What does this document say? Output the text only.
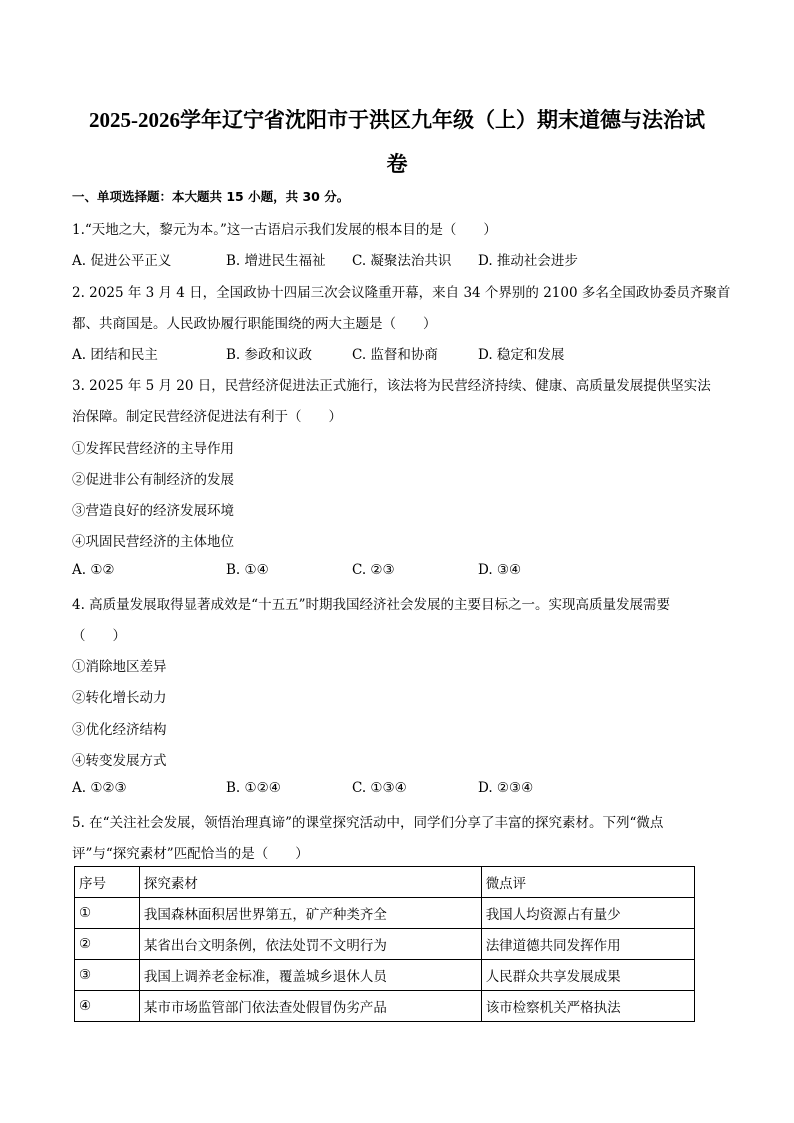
2025-2026学年辽宁省沈阳市于洪区九年级（上）期末道德与法治试
卷
一、单项选择题：本大题共 15 小题，共 30 分。
1.“天地之大，黎元为本。”这一古语启示我们发展的根本目的是（　　）
A. 促进公平正义	B. 增进民生福祉 C. 凝聚法治共识 D. 推动社会进步
2. 2025 年 3 月 4 日，全国政协十四届三次会议隆重开幕，来自 34 个界别的 2100 多名全国政协委员齐聚首
都、共商国是。人民政协履行职能围绕的两大主题是（　　）
A. 团结和民主	B. 参政和议政	C. 监督和协商	D. 稳定和发展
3. 2025 年 5 月 20 日，民营经济促进法正式施行，该法将为民营经济持续、健康、高质量发展提供坚实法
治保障。制定民营经济促进法有利于（　　）
①发挥民营经济的主导作用
②促进非公有制经济的发展
③营造良好的经济发展环境
④巩固民营经济的主体地位
A. ①②	B. ①④	C. ②③	D. ③④
4. 高质量发展取得显著成效是“十五五”时期我国经济社会发展的主要目标之一。实现高质量发展需要
（　　）
①消除地区差异
②转化增长动力
③优化经济结构
④转变发展方式
A. ①②③	B. ①②④	C. ①③④	D. ②③④
5. 在“关注社会发展，领悟治理真谛”的课堂探究活动中，同学们分享了丰富的探究素材。下列“微点
评”与“探究素材”匹配恰当的是（　　）
序号	探究素材	微点评
①	我国森林面积居世界第五，矿产种类齐全	我国人均资源占有量少
②	某省出台文明条例，依法处罚不文明行为	法律道德共同发挥作用
③	我国上调养老金标准，覆盖城乡退休人员	人民群众共享发展成果
④	某市市场监管部门依法查处假冒伪劣产品	该市检察机关严格执法
